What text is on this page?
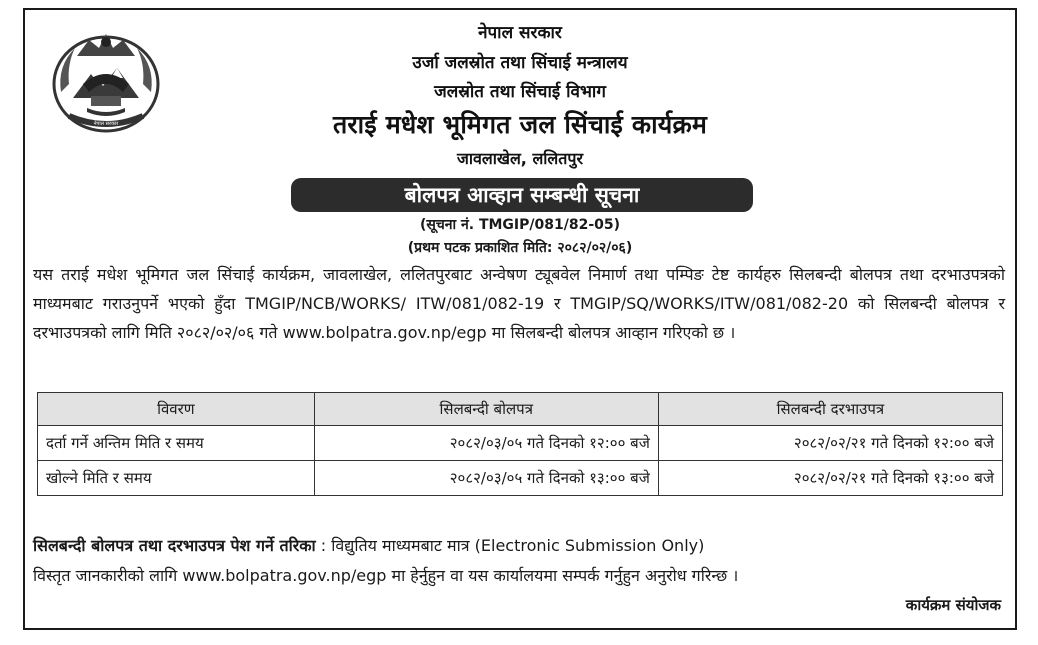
नेपाल सरकार
नेपाल सरकार
उर्जा जलस्रोत तथा सिंचाई मन्त्रालय
जलस्रोत तथा सिंचाई विभाग
तराई मधेश भूमिगत जल सिंचाई कार्यक्रम
जावलाखेल, ललितपुर
बोलपत्र आव्हान सम्बन्धी सूचना
(सूचना नं. TMGIP/081/82-05)
(प्रथम पटक प्रकाशित मिति: २०८२/०२/०६)
यस तराई मधेश भूमिगत जल सिंचाई कार्यक्रम, जावलाखेल, ललितपुरबाट अन्वेषण ट्यूबवेल निमार्ण तथा पम्पिङ टेष्ट कार्यहरु सिलबन्दी बोलपत्र तथा दरभाउपत्रको माध्यमबाट गराउनुपर्ने भएको हुँदा TMGIP/NCB/WORKS/ ITW/081/082-19 र TMGIP/SQ/WORKS/ITW/081/082-20 को सिलबन्दी बोलपत्र र दरभाउपत्रको लागि मिति २०८२/०२/०६ गते www.bolpatra.gov.np/egp मा सिलबन्दी बोलपत्र आव्हान गरिएको छ ।
विवरण	सिलबन्दी बोलपत्र	सिलबन्दी दरभाउपत्र
दर्ता गर्ने अन्तिम मिति र समय	२०८२/०३/०५ गते दिनको १२:०० बजे	२०८२/०२/२१ गते दिनको १२:०० बजे
खोल्ने मिति र समय	२०८२/०३/०५ गते दिनको १३:०० बजे	२०८२/०२/२१ गते दिनको १३:०० बजे
सिलबन्दी बोलपत्र तथा दरभाउपत्र पेश गर्ने तरिका : विद्युतिय माध्यमबाट मात्र (Electronic Submission Only)
विस्तृत जानकारीको लागि www.bolpatra.gov.np/egp मा हेर्नुहुन वा यस कार्यालयमा सम्पर्क गर्नुहुन अनुरोध गरिन्छ ।
कार्यक्रम संयोजक
